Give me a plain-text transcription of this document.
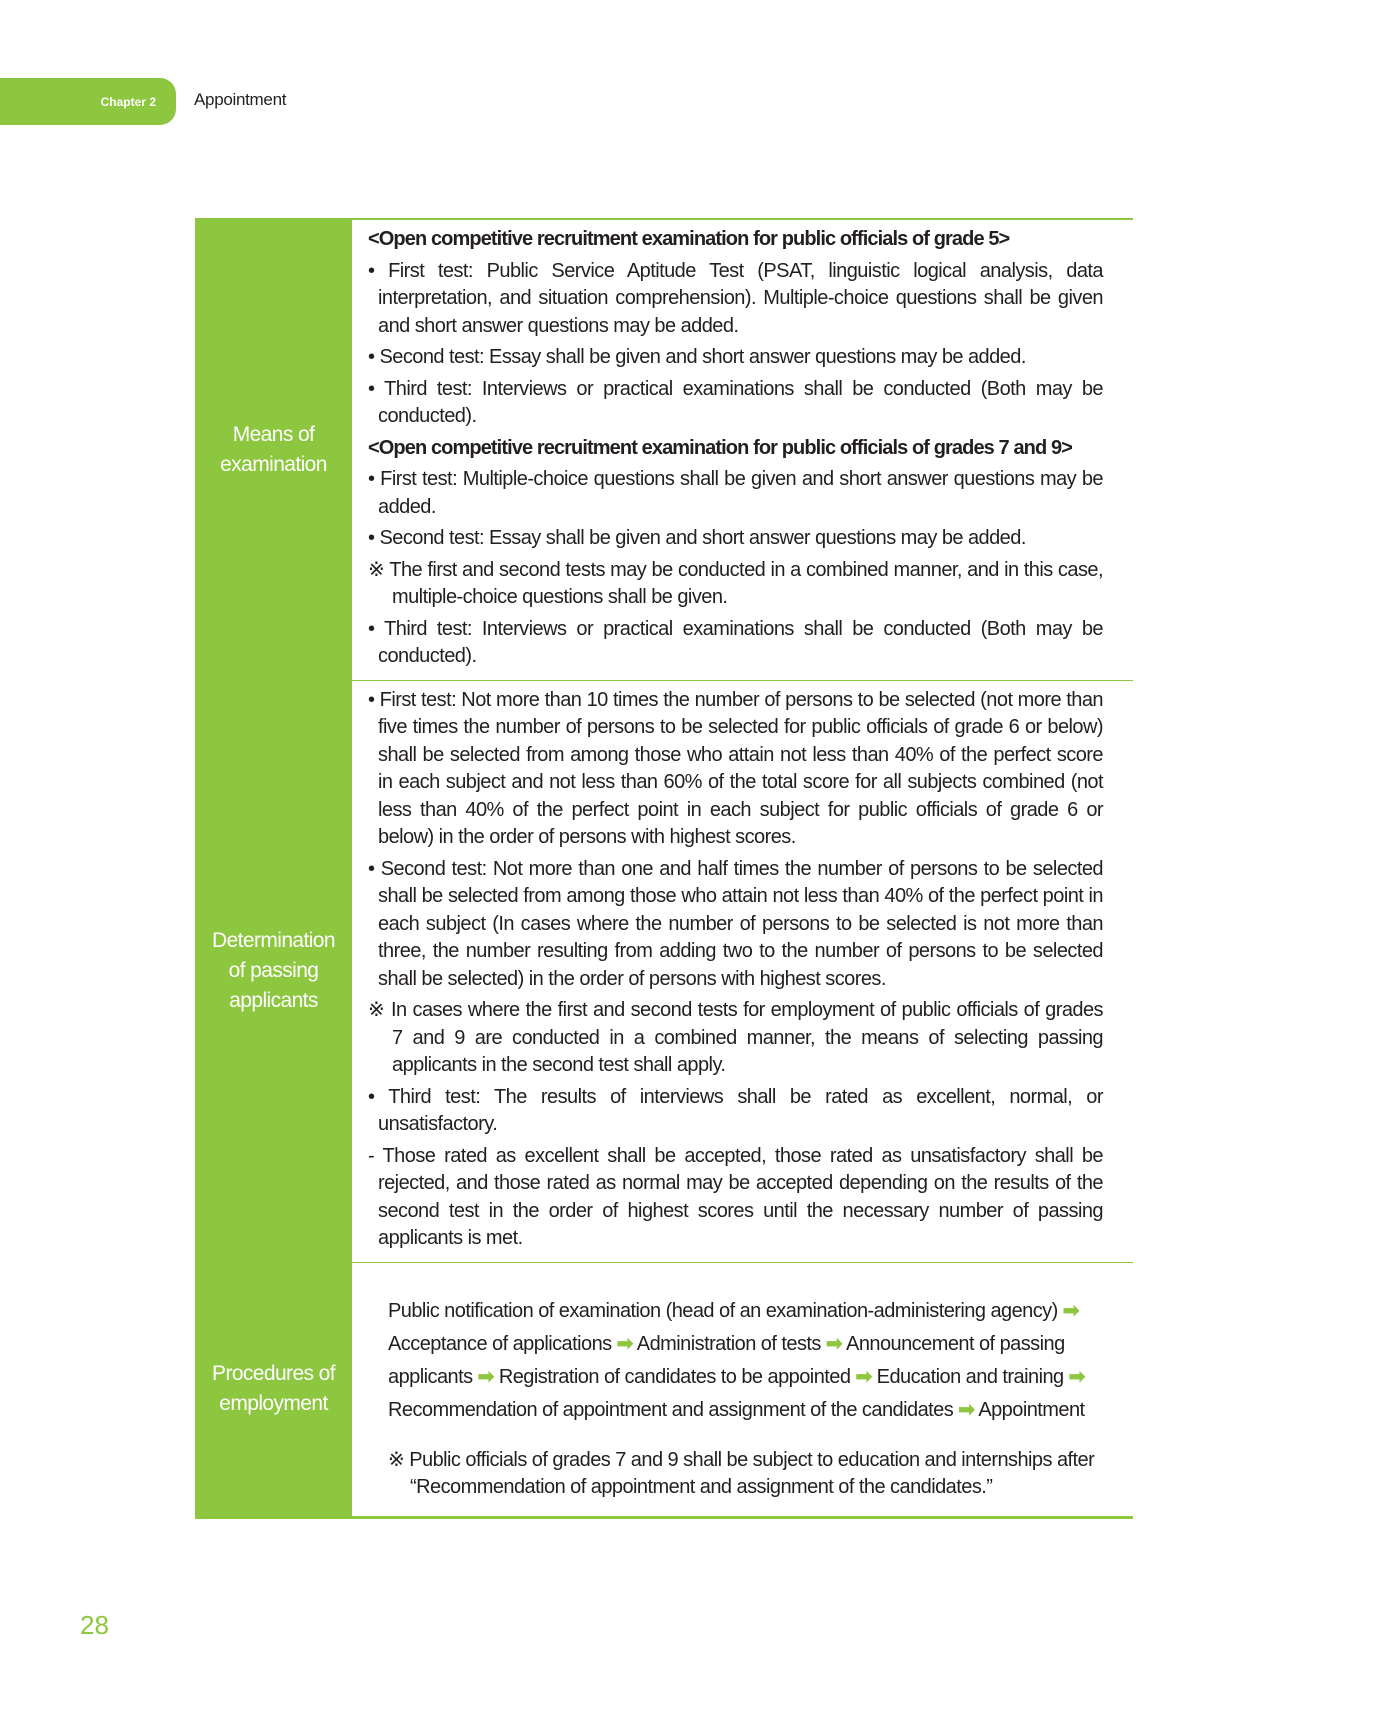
Chapter 2 Appointment
Means of
examination
<Open competitive recruitment examination for public officials of grade 5>
• First test: Public Service Aptitude Test (PSAT, linguistic logical analysis, data interpretation, and situation comprehension). Multiple-choice questions shall be given and short answer questions may be added.
• Second test: Essay shall be given and short answer questions may be added.
• Third test: Interviews or practical examinations shall be conducted (Both may be conducted).
<Open competitive recruitment examination for public officials of grades 7 and 9>
• First test: Multiple-choice questions shall be given and short answer questions may be added.
• Second test: Essay shall be given and short answer questions may be added.
※ The first and second tests may be conducted in a combined manner, and in this case, multiple-choice questions shall be given.
• Third test: Interviews or practical examinations shall be conducted (Both may be conducted).
Determination
of passing
applicants
• First test: Not more than 10 times the number of persons to be selected (not more than five times the number of persons to be selected for public officials of grade 6 or below) shall be selected from among those who attain not less than 40% of the perfect score in each subject and not less than 60% of the total score for all subjects combined (not less than 40% of the perfect point in each subject for public officials of grade 6 or below) in the order of persons with highest scores.
• Second test: Not more than one and half times the number of persons to be selected shall be selected from among those who attain not less than 40% of the perfect point in each subject (In cases where the number of persons to be selected is not more than three, the number resulting from adding two to the number of persons to be selected shall be selected) in the order of persons with highest scores.
※ In cases where the first and second tests for employment of public officials of grades 7 and 9 are conducted in a combined manner, the means of selecting passing applicants in the second test shall apply.
• Third test: The results of interviews shall be rated as excellent, normal, or unsatisfactory.
- Those rated as excellent shall be accepted, those rated as unsatisfactory shall be rejected, and those rated as normal may be accepted depending on the results of the second test in the order of highest scores until the necessary number of passing applicants is met.
Procedures of
employment
Public notification of examination (head of an examination-administering agency) ➡ Acceptance of applications ➡ Administration of tests ➡ Announcement of passing applicants ➡ Registration of candidates to be appointed ➡ Education and training ➡ Recommendation of appointment and assignment of the candidates ➡ Appointment
※ Public officials of grades 7 and 9 shall be subject to education and internships after “Recommendation of appointment and assignment of the candidates.”
28
